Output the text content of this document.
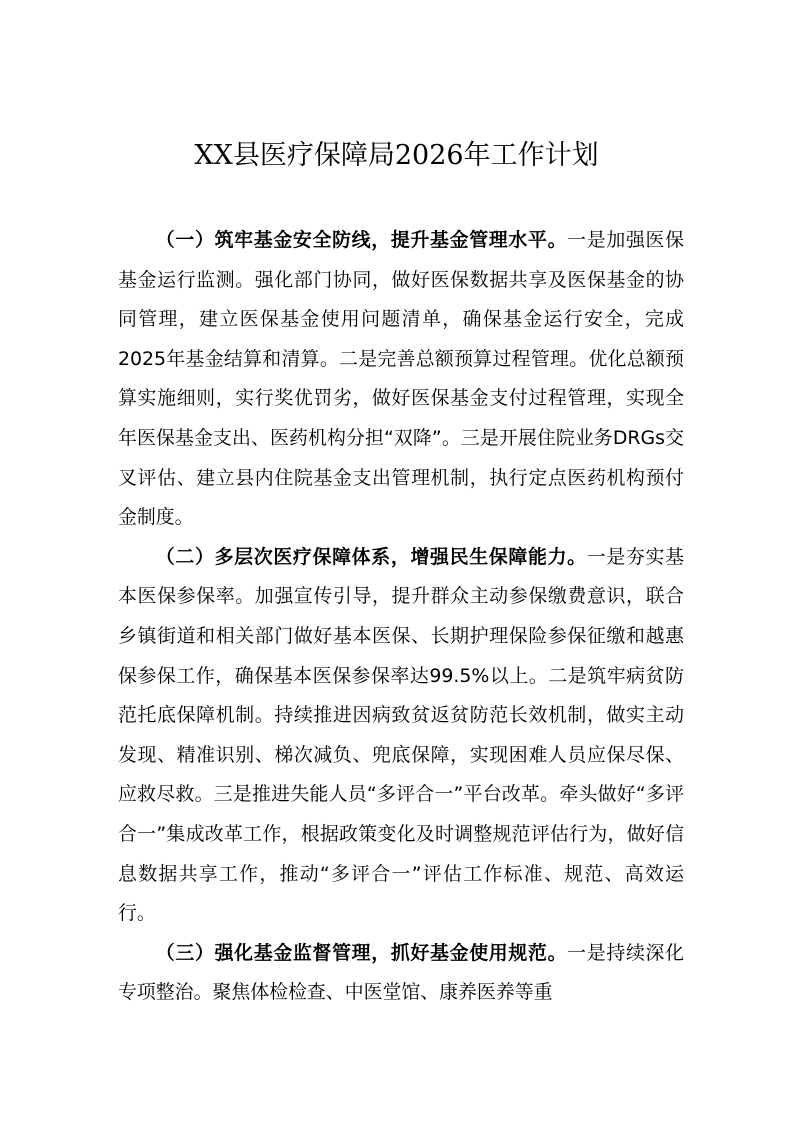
XX县医疗保障局2026年工作计划

（一）筑牢基金安全防线，提升基金管理水平。一是加强医保基金运行监测。强化部门协同，做好医保数据共享及医保基金的协同管理，建立医保基金使用问题清单，确保基金运行安全，完成2025年基金结算和清算。二是完善总额预算过程管理。优化总额预算实施细则，实行奖优罚劣，做好医保基金支付过程管理，实现全年医保基金支出、医药机构分担“双降”。三是开展住院业务DRGs交叉评估、建立县内住院基金支出管理机制，执行定点医药机构预付金制度。

（二）多层次医疗保障体系，增强民生保障能力。一是夯实基本医保参保率。加强宣传引导，提升群众主动参保缴费意识，联合乡镇街道和相关部门做好基本医保、长期护理保险参保征缴和越惠保参保工作，确保基本医保参保率达99.5%以上。二是筑牢病贫防范托底保障机制。持续推进因病致贫返贫防范长效机制，做实主动发现、精准识别、梯次减负、兜底保障，实现困难人员应保尽保、应救尽救。三是推进失能人员“多评合一”平台改革。牵头做好“多评合一”集成改革工作，根据政策变化及时调整规范评估行为，做好信息数据共享工作，推动“多评合一”评估工作标准、规范、高效运行。

（三）强化基金监督管理，抓好基金使用规范。一是持续深化专项整治。聚焦体检检查、中医堂馆、康养医养等重
